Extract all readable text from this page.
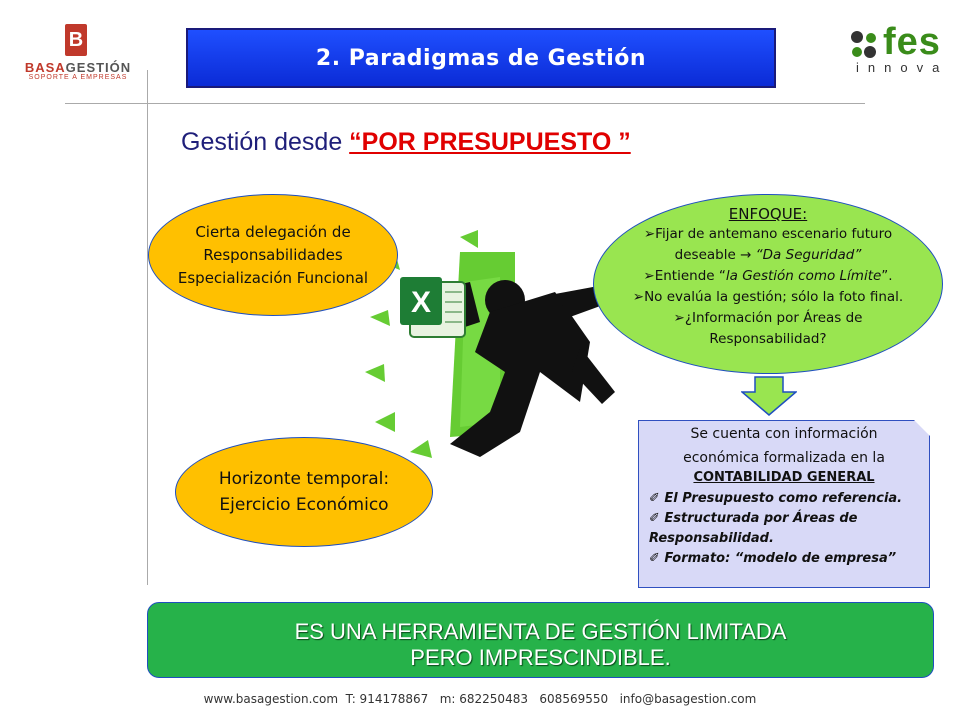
B
BASAGESTIÓN
SOPORTE A EMPRESAS
2. Paradigmas de Gestión	fes
innova
Gestión desde “POR PRESUPUESTO ”
X
Cierta delegación de
Responsabilidades
Especialización Funcional
Horizonte temporal:
Ejercicio Económico
ENFOQUE:
➢Fijar de antemano escenario futuro
deseable → “Da Seguridad”
➢Entiende “la Gestión como Límite”.
➢No evalúa la gestión; sólo la foto final.
➢¿Información por Áreas de
Responsabilidad?
Se cuenta con información
económica formalizada en la
CONTABILIDAD GENERAL
✐ El Presupuesto como referencia.
✐ Estructurada por Áreas de
Responsabilidad.
✐ Formato: “modelo de empresa”
ES UNA HERRAMIENTA DE GESTIÓN LIMITADA
PERO IMPRESCINDIBLE.
www.basagestion.com  T: 914178867   m: 682250483   608569550   info@basagestion.com
